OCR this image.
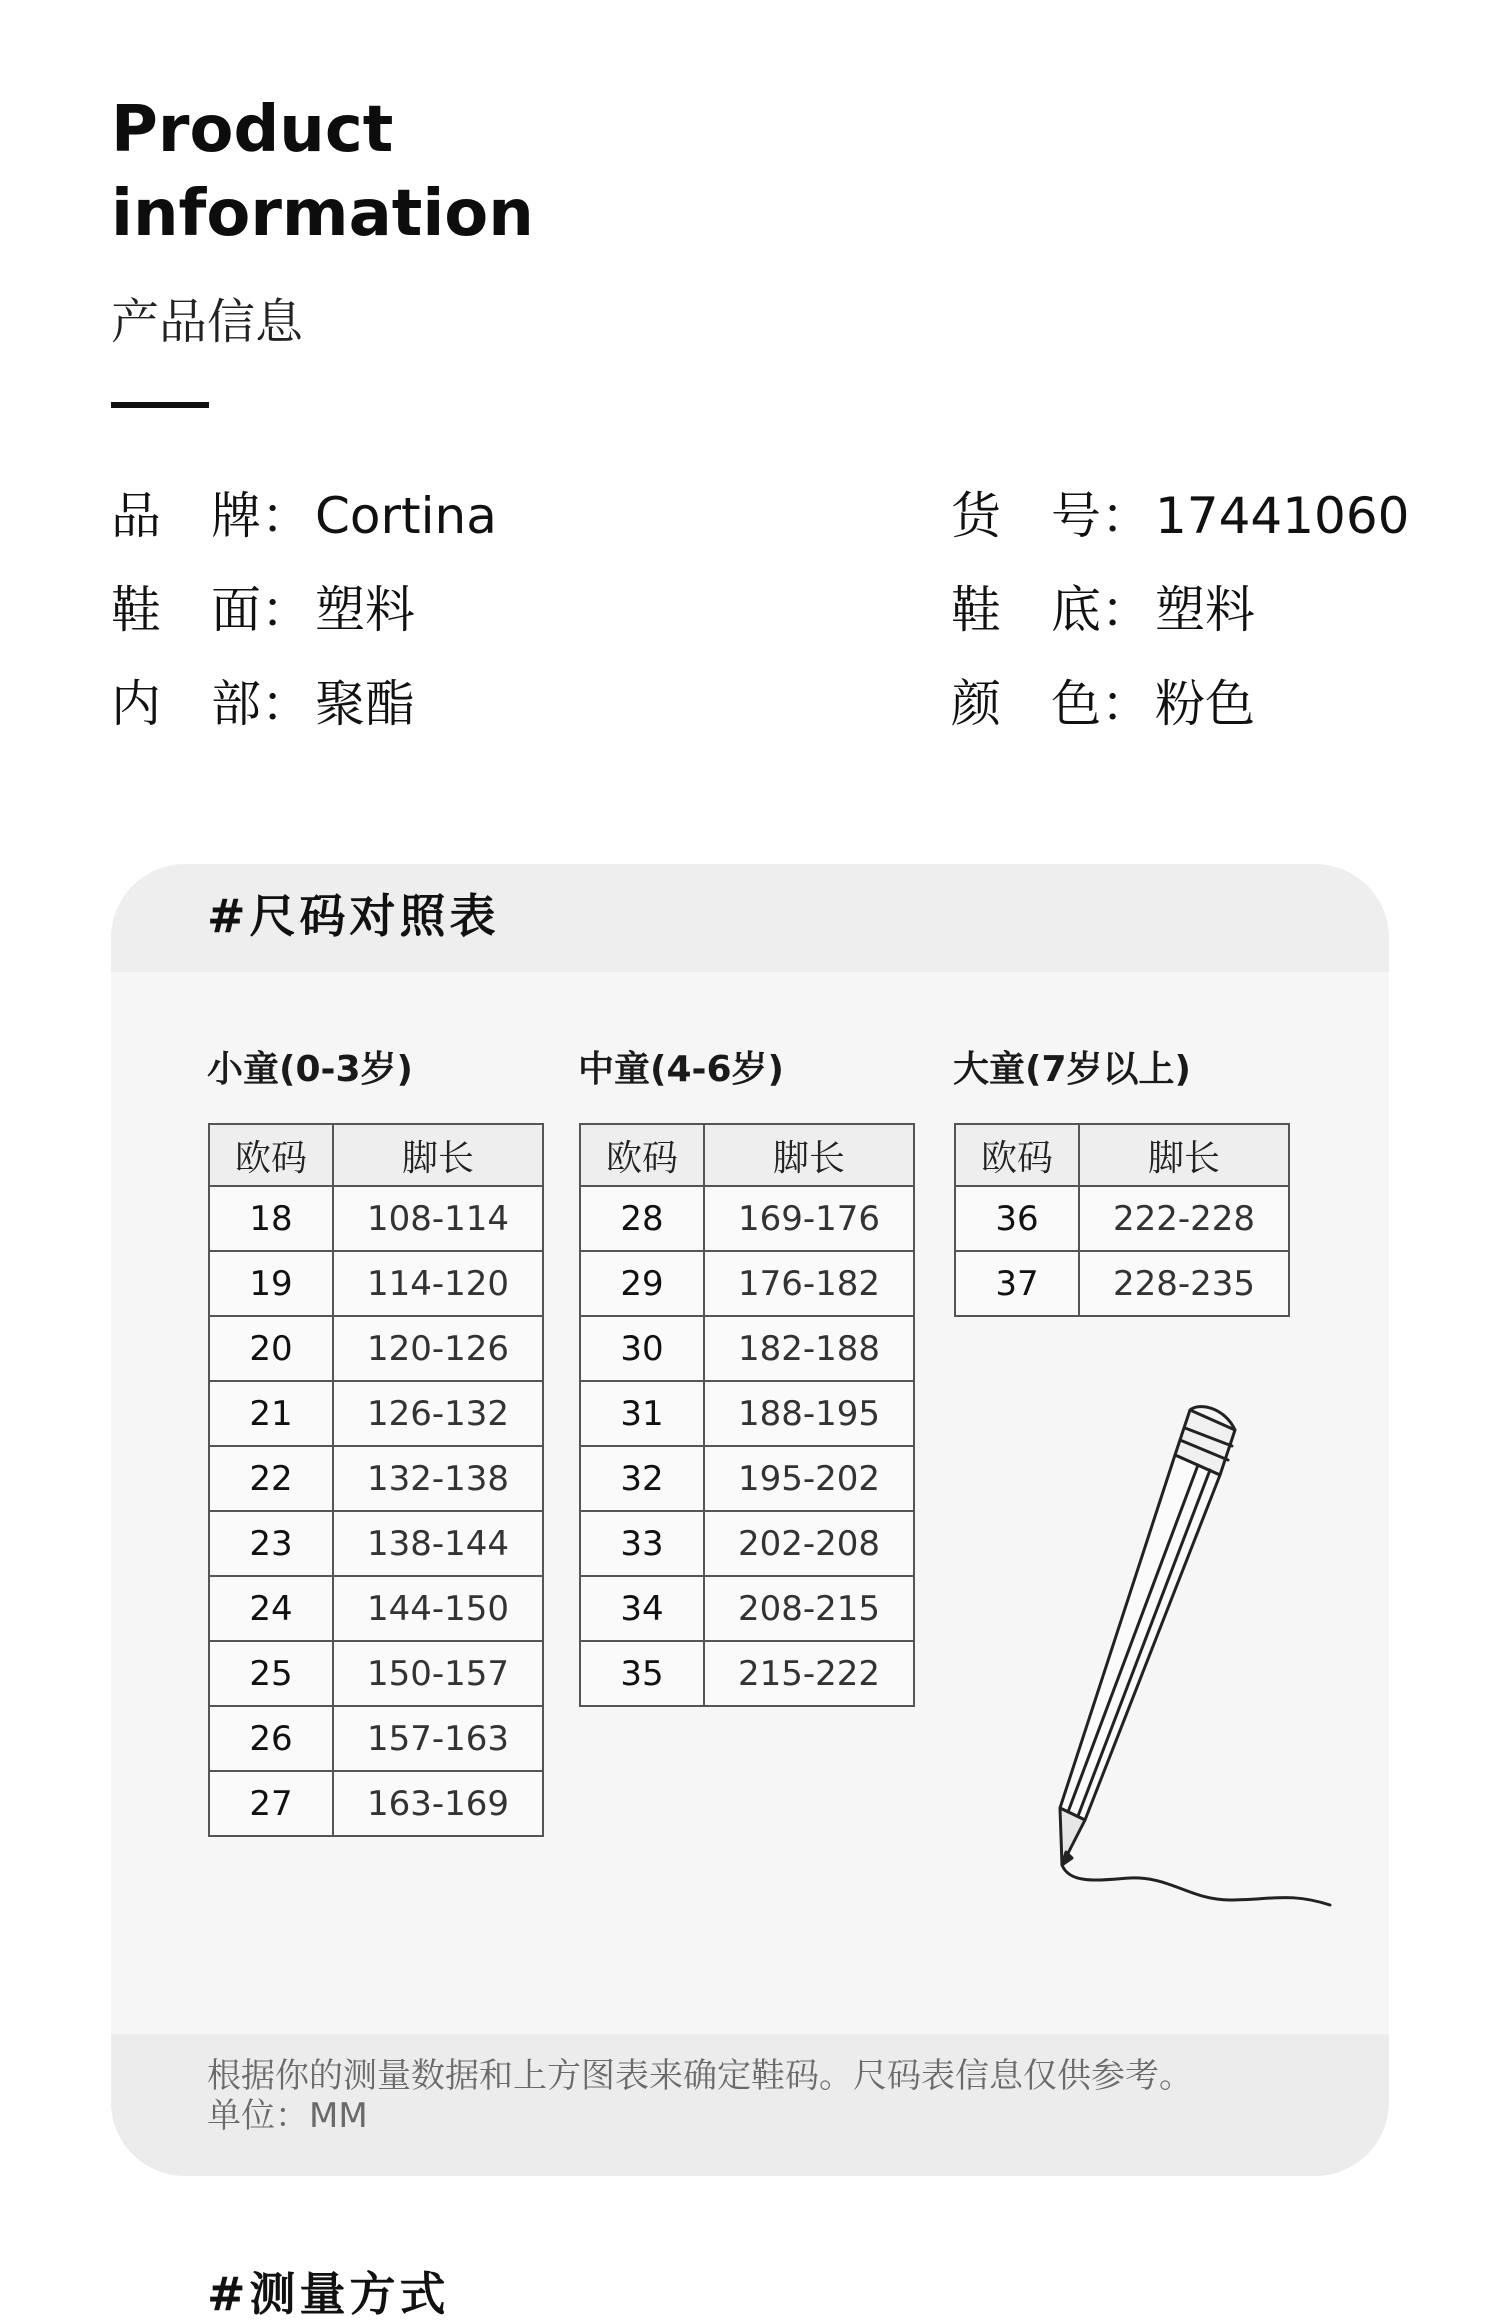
Product
information
产品信息
品　牌：Cortina
鞋　面：塑料
内　部：聚酯
货　号：17441060
鞋　底：塑料
颜　色：粉色
#尺码对照表
小童(0-3岁)
欧码	脚长
18	108-114
19	114-120
20	120-126
21	126-132
22	132-138
23	138-144
24	144-150
25	150-157
26	157-163
27	163-169
中童(4-6岁)
欧码	脚长
28	169-176
29	176-182
30	182-188
31	188-195
32	195-202
33	202-208
34	208-215
35	215-222
大童(7岁以上)
欧码	脚长
36	222-228
37	228-235
根据你的测量数据和上方图表来确定鞋码。尺码表信息仅供参考。
单位：MM
#测量方式
